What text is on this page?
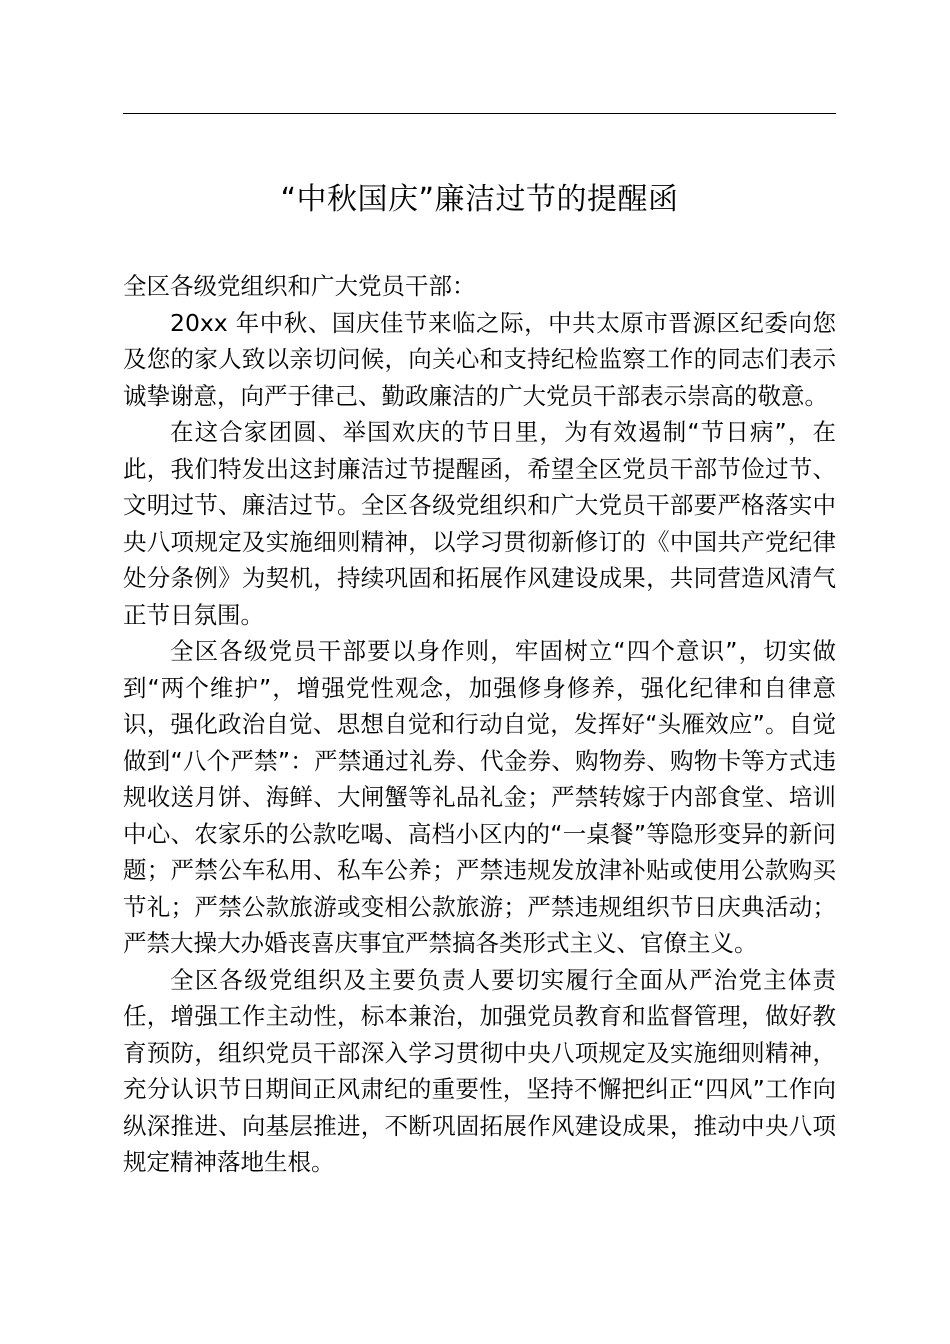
“中秋国庆”廉洁过节的提醒函

全区各级党组织和广大党员干部：

20xx 年中秋、国庆佳节来临之际，中共太原市晋源区纪委向您及您的家人致以亲切问候，向关心和支持纪检监察工作的同志们表示诚挚谢意，向严于律己、勤政廉洁的广大党员干部表示崇高的敬意。

在这合家团圆、举国欢庆的节日里，为有效遏制“节日病”，在此，我们特发出这封廉洁过节提醒函，希望全区党员干部节俭过节、文明过节、廉洁过节。全区各级党组织和广大党员干部要严格落实中央八项规定及实施细则精神，以学习贯彻新修订的《中国共产党纪律处分条例》为契机，持续巩固和拓展作风建设成果，共同营造风清气正节日氛围。

全区各级党员干部要以身作则，牢固树立“四个意识”，切实做到“两个维护”，增强党性观念，加强修身修养，强化纪律和自律意识，强化政治自觉、思想自觉和行动自觉，发挥好“头雁效应”。自觉做到“八个严禁”：严禁通过礼券、代金券、购物券、购物卡等方式违规收送月饼、海鲜、大闸蟹等礼品礼金；严禁转嫁于内部食堂、培训中心、农家乐的公款吃喝、高档小区内的“一桌餐”等隐形变异的新问题；严禁公车私用、私车公养；严禁违规发放津补贴或使用公款购买节礼；严禁公款旅游或变相公款旅游；严禁违规组织节日庆典活动；严禁大操大办婚丧喜庆事宜严禁搞各类形式主义、官僚主义。

全区各级党组织及主要负责人要切实履行全面从严治党主体责任，增强工作主动性，标本兼治，加强党员教育和监督管理，做好教育预防，组织党员干部深入学习贯彻中央八项规定及实施细则精神，充分认识节日期间正风肃纪的重要性，坚持不懈把纠正“四风”工作向纵深推进、向基层推进，不断巩固拓展作风建设成果，推动中央八项规定精神落地生根。
